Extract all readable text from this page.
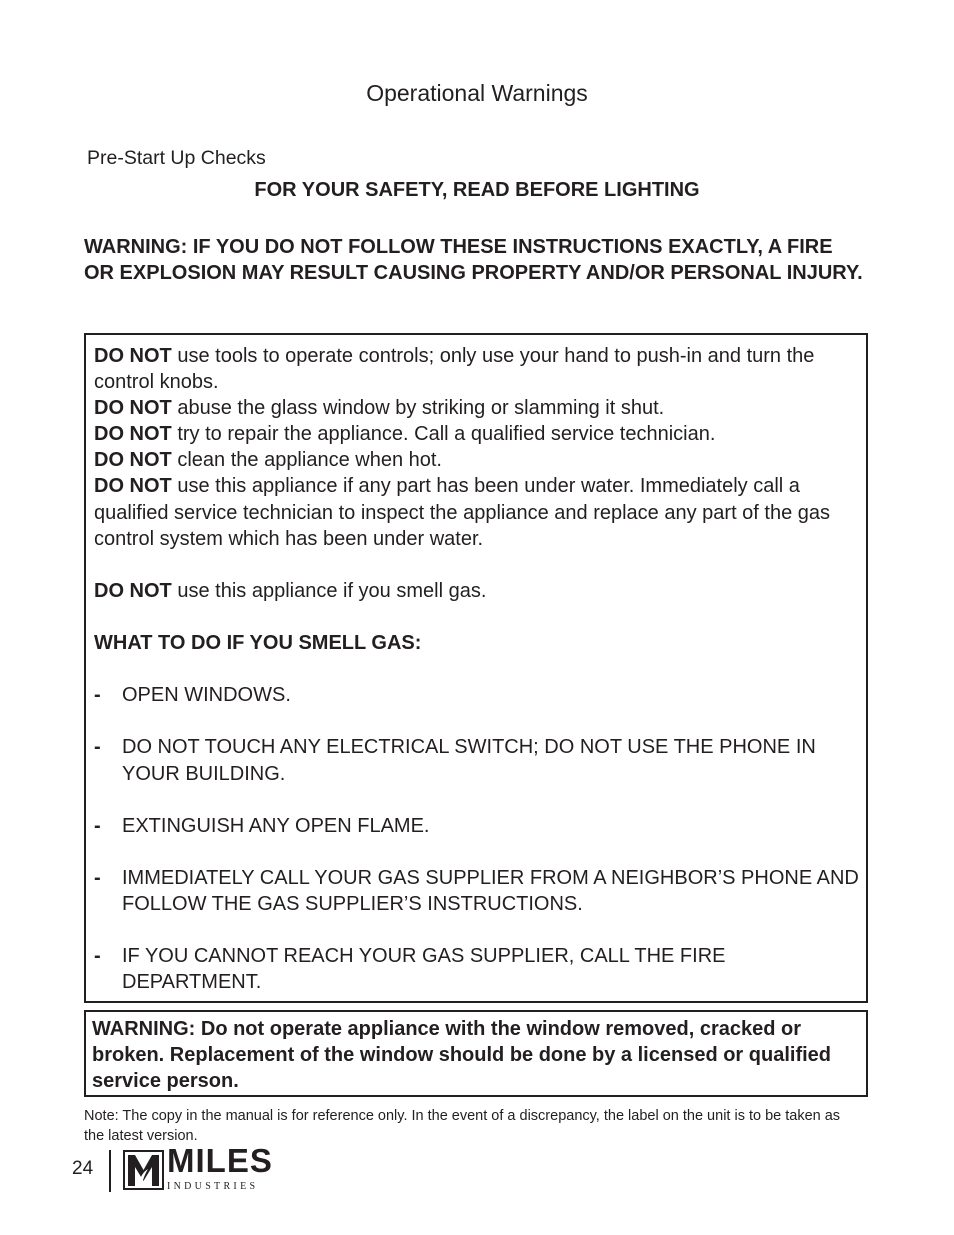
Operational Warnings
Pre-Start Up Checks
FOR YOUR SAFETY, READ BEFORE LIGHTING
WARNING: IF YOU DO NOT FOLLOW THESE INSTRUCTIONS EXACTLY, A FIRE OR EXPLOSION MAY RESULT CAUSING PROPERTY AND/OR PERSONAL INJURY.

DO NOT use tools to operate controls; only use your hand to push-in and turn the control knobs.

DO NOT abuse the glass window by striking or slamming it shut.

DO NOT try to repair the appliance. Call a qualified service technician.

DO NOT clean the appliance when hot.

DO NOT use this appliance if any part has been under water. Immediately call a qualified service technician to inspect the appliance and replace any part of the gas control system which has been under water.

DO NOT use this appliance if you smell gas.

WHAT TO DO IF YOU SMELL GAS:

-	OPEN WINDOWS.
-	DO NOT TOUCH ANY ELECTRICAL SWITCH; DO NOT USE THE PHONE IN YOUR BUILDING.
-	EXTINGUISH ANY OPEN FLAME.
-	IMMEDIATELY CALL YOUR GAS SUPPLIER FROM A NEIGHBOR’S PHONE AND FOLLOW THE GAS SUPPLIER’S INSTRUCTIONS.
-	IF YOU CANNOT REACH YOUR GAS SUPPLIER, CALL THE FIRE DEPARTMENT.
WARNING: Do not operate appliance with the window removed, cracked or broken. Replacement of the window should be done by a licensed or qualified service person.
Note: The copy in the manual is for reference only. In the event of a discrepancy, the label on the unit is to be taken as the latest version.
24 MILES
INDUSTRIES
